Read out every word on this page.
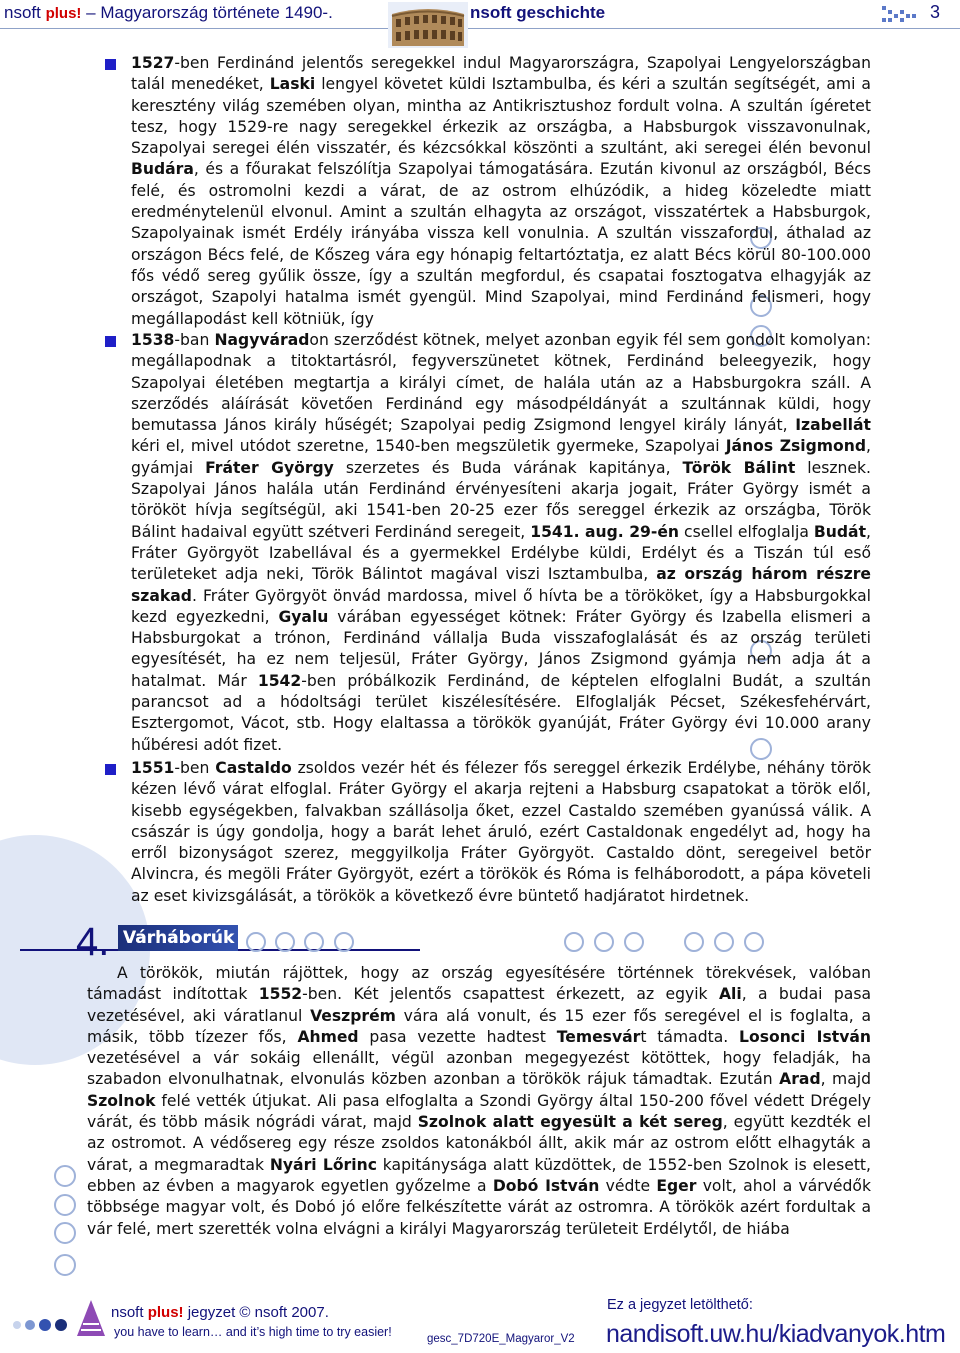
nsoft plus! – Magyarország története 1490-.	nsoft geschichte	3
1527-ben Ferdinánd jelentős seregekkel indul Magyarországra, Szapolyai Lengyelországban talál menedéket, Laski lengyel követet küldi Isztambulba, és kéri a szultán segítségét, ami a keresztény világ szemében olyan, mintha az Antikrisztushoz fordult volna. A szultán ígéretet tesz, hogy 1529-re nagy seregekkel érkezik az országba, a Habsburgok visszavonulnak, Szapolyai seregei élén visszatér, és kézcsókkal köszönti a szultánt, aki seregei élén bevonul Budára, és a főurakat felszólítja Szapolyai támogatására. Ezután kivonul az országból, Bécs felé, és ostromolni kezdi a várat, de az ostrom elhúzódik, a hideg közeledte miatt eredménytelenül elvonul. Amint a szultán elhagyta az országot, visszatértek a Habsburgok, Szapolyainak ismét Erdély irányába vissza kell vonulnia. A szultán visszafordul, áthalad az országon Bécs felé, de Kőszeg vára egy hónapig feltartóztatja, ez alatt Bécs körül 80-100.000 fős védő sereg gyűlik össze, így a szultán megfordul, és csapatai fosztogatva elhagyják az országot, Szapolyi hatalma ismét gyengül. Mind Szapolyai, mind Ferdinánd felismeri, hogy megállapodást kell kötniük, így
1538-ban Nagyváradon szerződést kötnek, melyet azonban egyik fél sem gondolt komolyan: megállapodnak a titoktartásról, fegyverszünetet kötnek, Ferdinánd beleegyezik, hogy Szapolyai életében megtartja a királyi címet, de halála után az a Habsburgokra száll. A szerződés aláírását követően Ferdinánd egy másodpéldányát a szultánnak küldi, hogy bemutassa János király hűségét; Szapolyai pedig Zsigmond lengyel király lányát, Izabellát kéri el, mivel utódot szeretne, 1540-ben megszületik gyermeke, Szapolyai János Zsigmond, gyámjai Fráter György szerzetes és Buda várának kapitánya, Török Bálint lesznek. Szapolyai János halála után Ferdinánd érvényesíteni akarja jogait, Fráter György ismét a törököt hívja segítségül, aki 1541-ben 20-25 ezer fős sereggel érkezik az országba, Török Bálint hadaival együtt szétveri Ferdinánd seregeit, 1541. aug. 29-én csellel elfoglalja Budát, Fráter Györgyöt Izabellával és a gyermekkel Erdélybe küldi, Erdélyt és a Tiszán túl eső területeket adja neki, Török Bálintot magával viszi Isztambulba, az ország három részre szakad. Fráter Györgyöt önvád mardossa, mivel ő hívta be a törököket, így a Habsburgokkal kezd egyezkedni, Gyalu várában egyességet kötnek: Fráter György és Izabella elismeri a Habsburgokat a trónon, Ferdinánd vállalja Buda visszafoglalását és az ország területi egyesítését, ha ez nem teljesül, Fráter György, János Zsigmond gyámja nem adja át a hatalmat. Már 1542-ben próbálkozik Ferdinánd, de képtelen elfoglalni Budát, a szultán parancsot ad a hódoltsági terület kiszélesítésére. Elfoglalják Pécset, Székesfehérvárt, Esztergomot, Vácot, stb. Hogy elaltassa a törökök gyanúját, Fráter György évi 10.000 arany hűbéresi adót fizet.
1551-ben Castaldo zsoldos vezér hét és félezer fős sereggel érkezik Erdélybe, néhány török kézen lévő várat elfoglal. Fráter György el akarja rejteni a Habsburg csapatokat a török elől, kisebb egységekben, falvakban szállásolja őket, ezzel Castaldo szemében gyanússá válik. A császár is úgy gondolja, hogy a barát lehet áruló, ezért Castaldonak engedélyt ad, hogy ha erről bizonyságot szerez, meggyilkolja Fráter Györgyöt. Castaldo dönt, seregeivel betör Alvincra, és megöli Fráter Györgyöt, ezért a törökök és Róma is felháborodott, a pápa követeli az eset kivizsgálását, a törökök a következő évre büntető hadjáratot hirdetnek.
4. Várháborúk
A törökök, miután rájöttek, hogy az ország egyesítésére történnek törekvések, valóban támadást indítottak 1552-ben. Két jelentős csapattest érkezett, az egyik Ali, a budai pasa vezetésével, aki váratlanul Veszprém vára alá vonult, és 15 ezer fős seregével el is foglalta, a másik, több tízezer fős, Ahmed pasa vezette hadtest Temesvárt támadta. Losonci István vezetésével a vár sokáig ellenállt, végül azonban megegyezést kötöttek, hogy feladják, ha szabadon elvonulhatnak, elvonulás közben azonban a törökök rájuk támadtak. Ezután Arad, majd Szolnok felé vették útjukat. Ali pasa elfoglalta a Szondi György által 150-200 fővel védett Drégely várát, és több másik nógrádi várat, majd Szolnok alatt egyesült a két sereg, együtt kezdték el az ostromot. A védősereg egy része zsoldos katonákból állt, akik már az ostrom előtt elhagyták a várat, a megmaradtak Nyári Lőrinc kapitánysága alatt küzdöttek, de 1552-ben Szolnok is elesett, ebben az évben a magyarok egyetlen győzelme a Dobó István védte Eger volt, ahol a várvédők többsége magyar volt, és Dobó jó előre felkészítette várát az ostromra. A törökök azért fordultak a vár felé, mert szerették volna elvágni a királyi Magyarország területeit Erdélytől, de hiába
nsoft plus! jegyzet © nsoft 2007.
you have to learn… and it’s high time to try easier!	gesc_7D720E_Magyaror_V2
Ez a jegyzet letölthető:
nandisoft.uw.hu/kiadvanyok.htm
